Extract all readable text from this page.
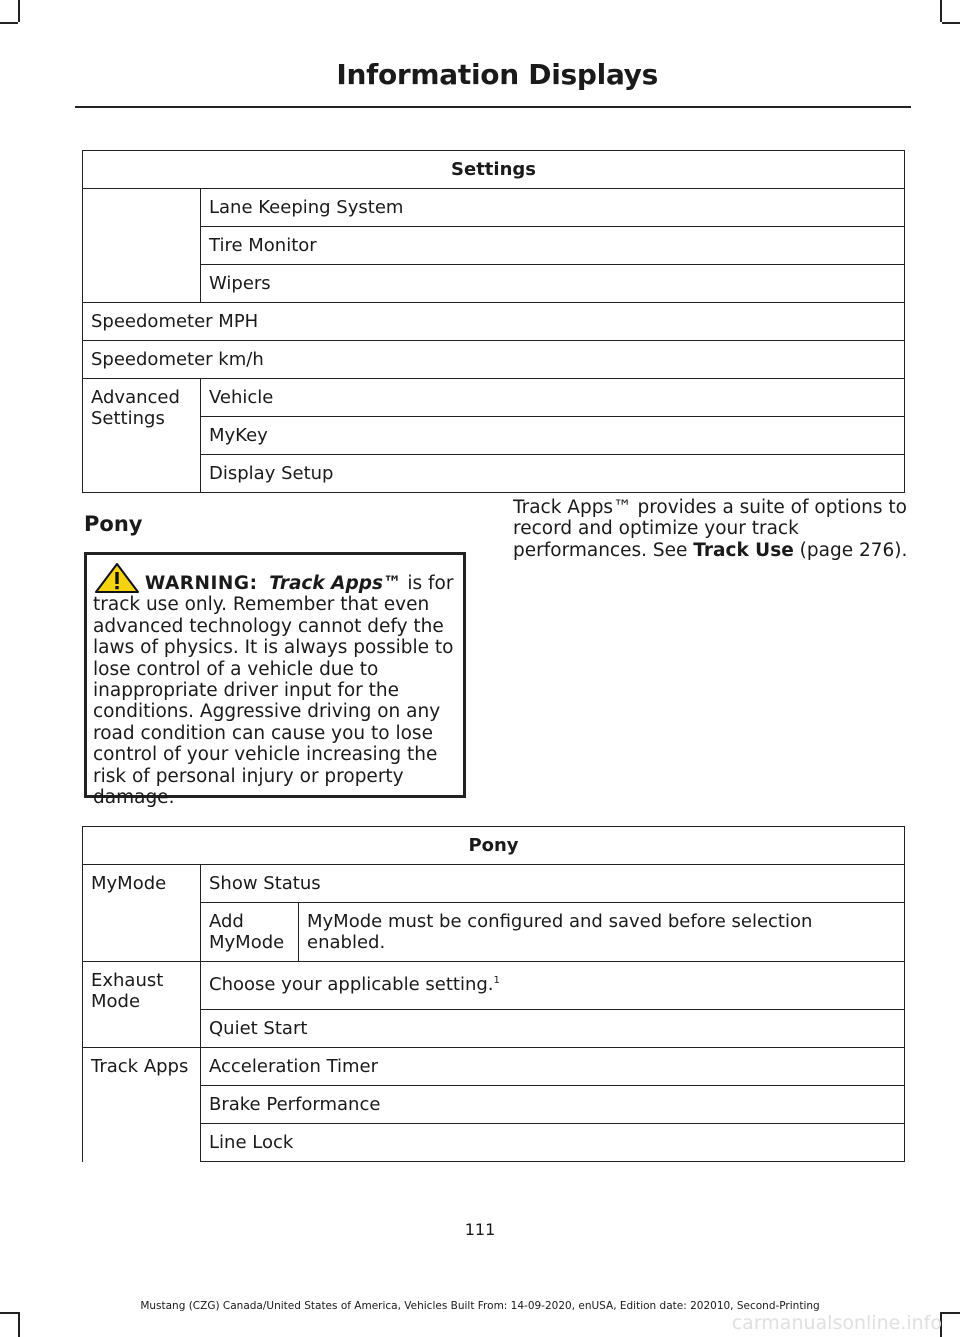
Information Displays
Settings	
	Lane Keeping System
	Tire Monitor
	Wipers
Speedometer MPH	
Speedometer km/h	
Advanced Settings	Vehicle
	MyKey
	Display Setup
Pony
WARNING: Track Apps™ is for track use only. Remember that even advanced technology cannot defy the laws of physics. It is always possible to lose control of a vehicle due to inappropriate driver input for the conditions. Aggressive driving on any road condition can cause you to lose control of your vehicle increasing the risk of personal injury or property damage.
Track Apps™ provides a suite of options to record and optimize your track performances. See Track Use (page 276).
Pony		
MyMode	Show Status	
	Add MyMode	MyMode must be configured and saved before selection enabled.
Exhaust Mode	Choose your applicable setting.$^1$
	Quiet Start	
Track Apps	Acceleration Timer	
	Brake Performance	
	Line Lock	
111
Mustang (CZG) Canada/United States of America, Vehicles Built From: 14-09-2020, enUSA, Edition date: 202010, Second-Printing
carmanualsonline.info
